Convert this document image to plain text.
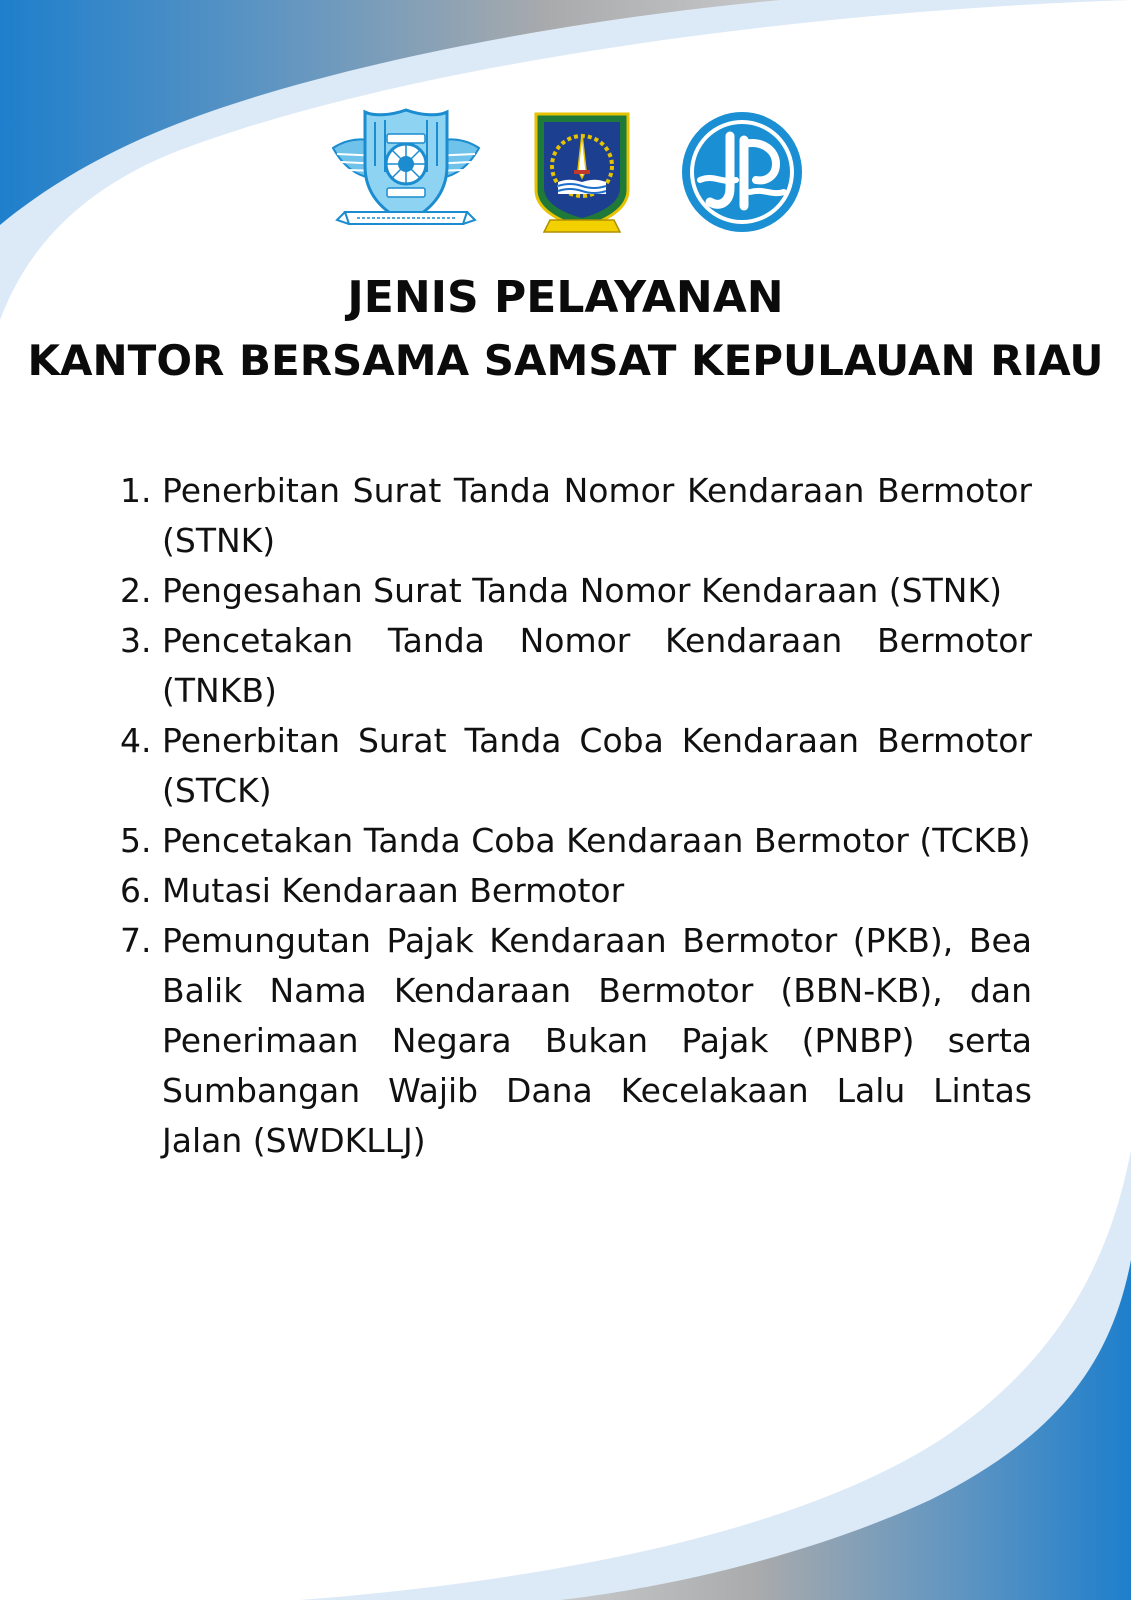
JENIS PELAYANAN
KANTOR BERSAMA SAMSAT KEPULAUAN RIAU
1. Penerbitan Surat Tanda Nomor Kendaraan Bermotor (STNK)
2. Pengesahan Surat Tanda Nomor Kendaraan (STNK)
3. Pencetakan Tanda Nomor Kendaraan Bermotor (TNKB)
4. Penerbitan Surat Tanda Coba Kendaraan Bermotor (STCK)
5. Pencetakan Tanda Coba Kendaraan Bermotor (TCKB)
6. Mutasi Kendaraan Bermotor
7. Pemungutan Pajak Kendaraan Bermotor (PKB), Bea Balik Nama Kendaraan Bermotor (BBN-KB), dan Penerimaan Negara Bukan Pajak (PNBP) serta Sumbangan Wajib Dana Kecelakaan Lalu Lintas Jalan (SWDKLLJ)
